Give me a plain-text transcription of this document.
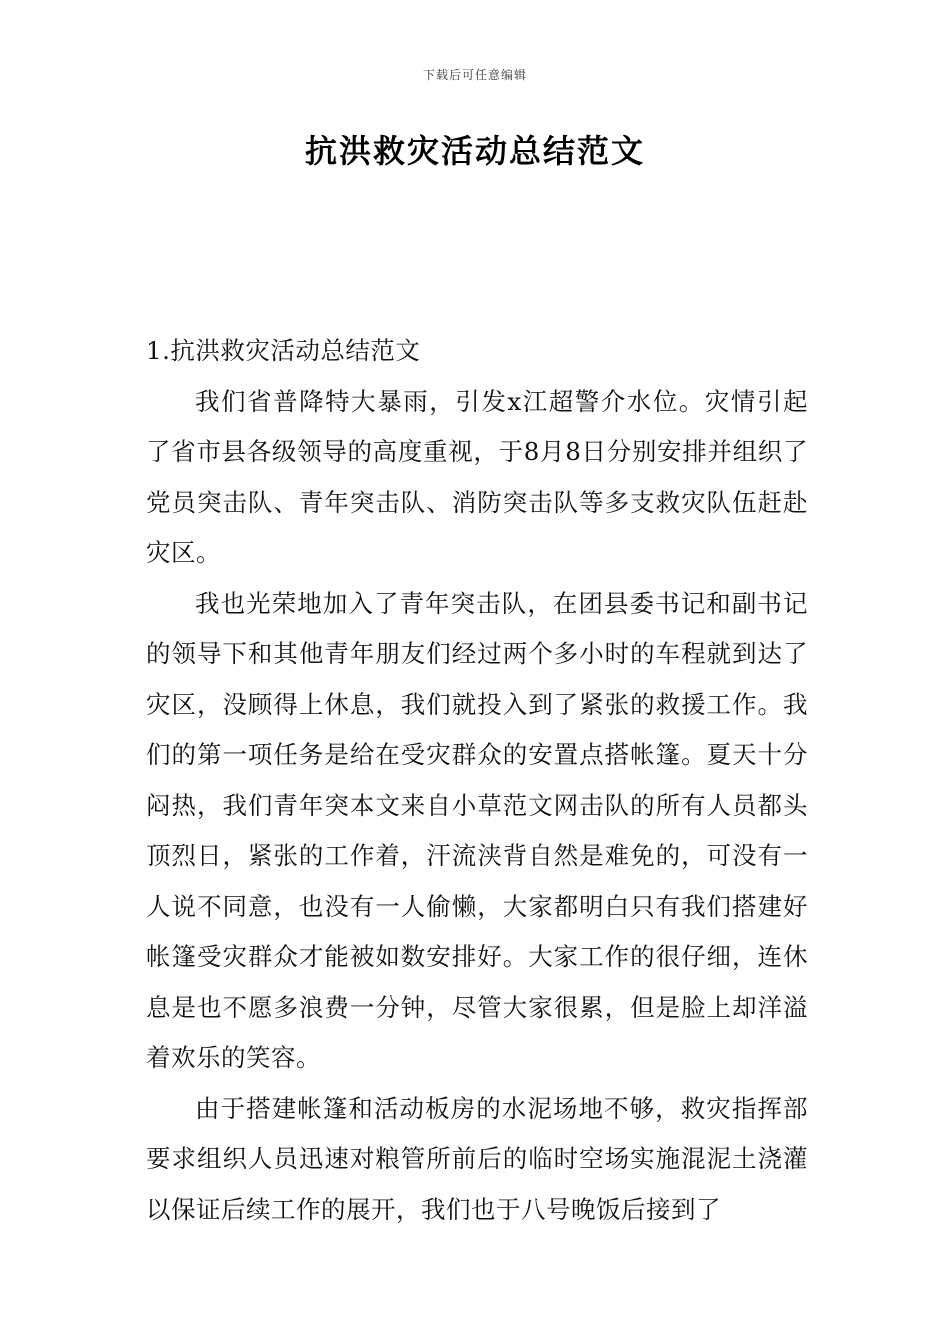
下载后可任意编辑
抗洪救灾活动总结范文

1.抗洪救灾活动总结范文

我们省普降特大暴雨，引发x江超警介水位。灾情引起了省市县各级领导的高度重视，于8月8日分别安排并组织了党员突击队、青年突击队、消防突击队等多支救灾队伍赶赴灾区。

我也光荣地加入了青年突击队，在团县委书记和副书记的领导下和其他青年朋友们经过两个多小时的车程就到达了灾区，没顾得上休息，我们就投入到了紧张的救援工作。我们的第一项任务是给在受灾群众的安置点搭帐篷。夏天十分闷热，我们青年突本文来自小草范文网击队的所有人员都头顶烈日，紧张的工作着，汗流浃背自然是难免的，可没有一人说不同意，也没有一人偷懒，大家都明白只有我们搭建好帐篷受灾群众才能被如数安排好。大家工作的很仔细，连休息是也不愿多浪费一分钟，尽管大家很累，但是脸上却洋溢着欢乐的笑容。

由于搭建帐篷和活动板房的水泥场地不够，救灾指挥部要求组织人员迅速对粮管所前后的临时空场实施混泥土浇灌以保证后续工作的展开，我们也于八号晚饭后接到了
